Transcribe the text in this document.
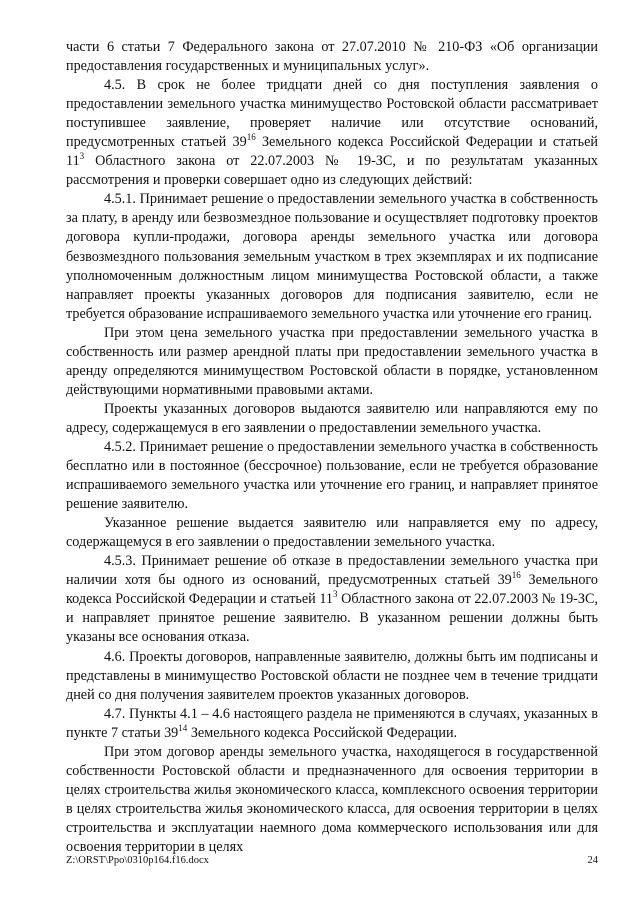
части 6 статьи 7 Федерального закона от 27.07.2010 № 210-ФЗ «Об организации предоставления государственных и муниципальных услуг».

4.5. В срок не более тридцати дней со дня поступления заявления о предоставлении земельного участка минимущество Ростовской области рассматривает поступившее заявление, проверяет наличие или отсутствие оснований, предусмотренных статьей $39^{16}$ Земельного кодекса Российской Федерации и статьей $11^3$ Областного закона от 22.07.2003 № 19-ЗС, и по результатам указанных рассмотрения и проверки совершает одно из следующих действий:

4.5.1. Принимает решение о предоставлении земельного участка в собственность за плату, в аренду или безвозмездное пользование и осуществляет подготовку проектов договора купли-продажи, договора аренды земельного участка или договора безвозмездного пользования земельным участком в трех экземплярах и их подписание уполномоченным должностным лицом минимущества Ростовской области, а также направляет проекты указанных договоров для подписания заявителю, если не требуется образование испрашиваемого земельного участка или уточнение его границ.

При этом цена земельного участка при предоставлении земельного участка в собственность или размер арендной платы при предоставлении земельного участка в аренду определяются минимуществом Ростовской области в порядке, установленном действующими нормативными правовыми актами.

Проекты указанных договоров выдаются заявителю или направляются ему по адресу, содержащемуся в его заявлении о предоставлении земельного участка.

4.5.2. Принимает решение о предоставлении земельного участка в собственность бесплатно или в постоянное (бессрочное) пользование, если не требуется образование испрашиваемого земельного участка или уточнение его границ, и направляет принятое решение заявителю.

Указанное решение выдается заявителю или направляется ему по адресу, содержащемуся в его заявлении о предоставлении земельного участка.

4.5.3. Принимает решение об отказе в предоставлении земельного участка при наличии хотя бы одного из оснований, предусмотренных статьей $39^{16}$ Земельного кодекса Российской Федерации и статьей $11^3$ Областного закона от 22.07.2003 № 19-ЗС, и направляет принятое решение заявителю. В указанном решении должны быть указаны все основания отказа.

4.6. Проекты договоров, направленные заявителю, должны быть им подписаны и представлены в минимущество Ростовской области не позднее чем в течение тридцати дней со дня получения заявителем проектов указанных договоров.

4.7. Пункты 4.1 – 4.6 настоящего раздела не применяются в случаях, указанных в пункте 7 статьи $39^{14}$ Земельного кодекса Российской Федерации.

При этом договор аренды земельного участка, находящегося в государственной собственности Ростовской области и предназначенного для освоения территории в целях строительства жилья экономического класса, комплексного освоения территории в целях строительства жилья экономического класса, для освоения территории в целях строительства и эксплуатации наемного дома коммерческого использования или для освоения территории в целях

Z:\ORST\Ppo\0310p164.f16.docx	24
